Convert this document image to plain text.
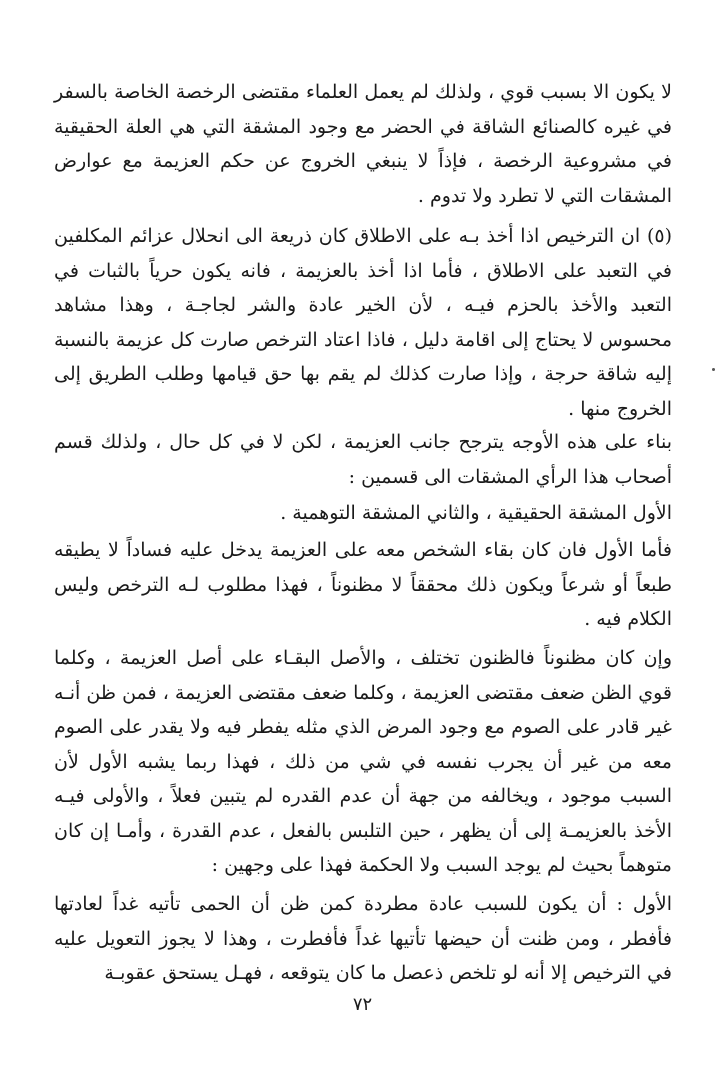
لا يكون الا بسبب قوي ، ولذلك لم يعمل العلماء مقتضى الرخصة الخاصة بالسفر في غيره كالصنائع الشاقة في الحضر مع وجود المشقة التي هي العلة الحقيقية في مشروعية الرخصة ، فإذاً لا ينبغي الخروج عن حكم العزيمة مع عوارض المشقات التي لا تطرد ولا تدوم .

(٥) ان الترخيص اذا أخذ بـه على الاطلاق كان ذريعة الى انحلال عزائم المكلفين في التعبد على الاطلاق ، فأما اذا أخذ بالعزيمة ، فانه يكون حرياً بالثبات في التعبد والأخذ بالحزم فيـه ، لأن الخير عادة والشر لجاجـة ، وهذا مشاهد محسوس لا يحتاج إلى اقامة دليل ، فاذا اعتاد الترخص صارت كل عزيمة بالنسبة إليه شاقة حرجة ، وإذا صارت كذلك لم يقم بها حق قيامها وطلب الطريق إلى الخروج منها .

بناء على هذه الأوجه يترجح جانب العزيمة ، لكن لا في كل حال ، ولذلك قسم أصحاب هذا الرأي المشقات الى قسمين :

الأول المشقة الحقيقية ، والثاني المشقة التوهمية .

فأما الأول فان كان بقاء الشخص معه على العزيمة يدخل عليه فساداً لا يطيقه طبعاً أو شرعاً ويكون ذلك محققاً لا مظنوناً ، فهذا مطلوب لـه الترخص وليس الكلام فيه .

وإن كان مظنوناً فالظنون تختلف ، والأصل البقـاء على أصل العزيمة ، وكلما قوي الظن ضعف مقتضى العزيمة ، وكلما ضعف مقتضى العزيمة ، فمن ظن أنـه غير قادر على الصوم مع وجود المرض الذي مثله يفطر فيه ولا يقدر على الصوم معه من غير أن يجرب نفسه في شي من ذلك ، فهذا ربما يشبه الأول لأن السبب موجود ، ويخالفه من جهة أن عدم القدره لم يتبين فعلاً ، والأولى فيـه الأخذ بالعزيمـة إلى أن يظهر ، حين التلبس بالفعل ، عدم القدرة ، وأمـا إن كان متوهماً بحيث لم يوجد السبب ولا الحكمة فهذا على وجهين :

الأول : أن يكون للسبب عادة مطردة كمن ظن أن الحمى تأتيه غداً لعادتها فأفطر ، ومن ظنت أن حيضها تأتيها غداً فأفطرت ، وهذا لا يجوز التعويل عليه في الترخيص إلا أنه لو تلخص ذعصل ما كان يتوقعه ، فهـل يستحق عقوبـة

٧٢
